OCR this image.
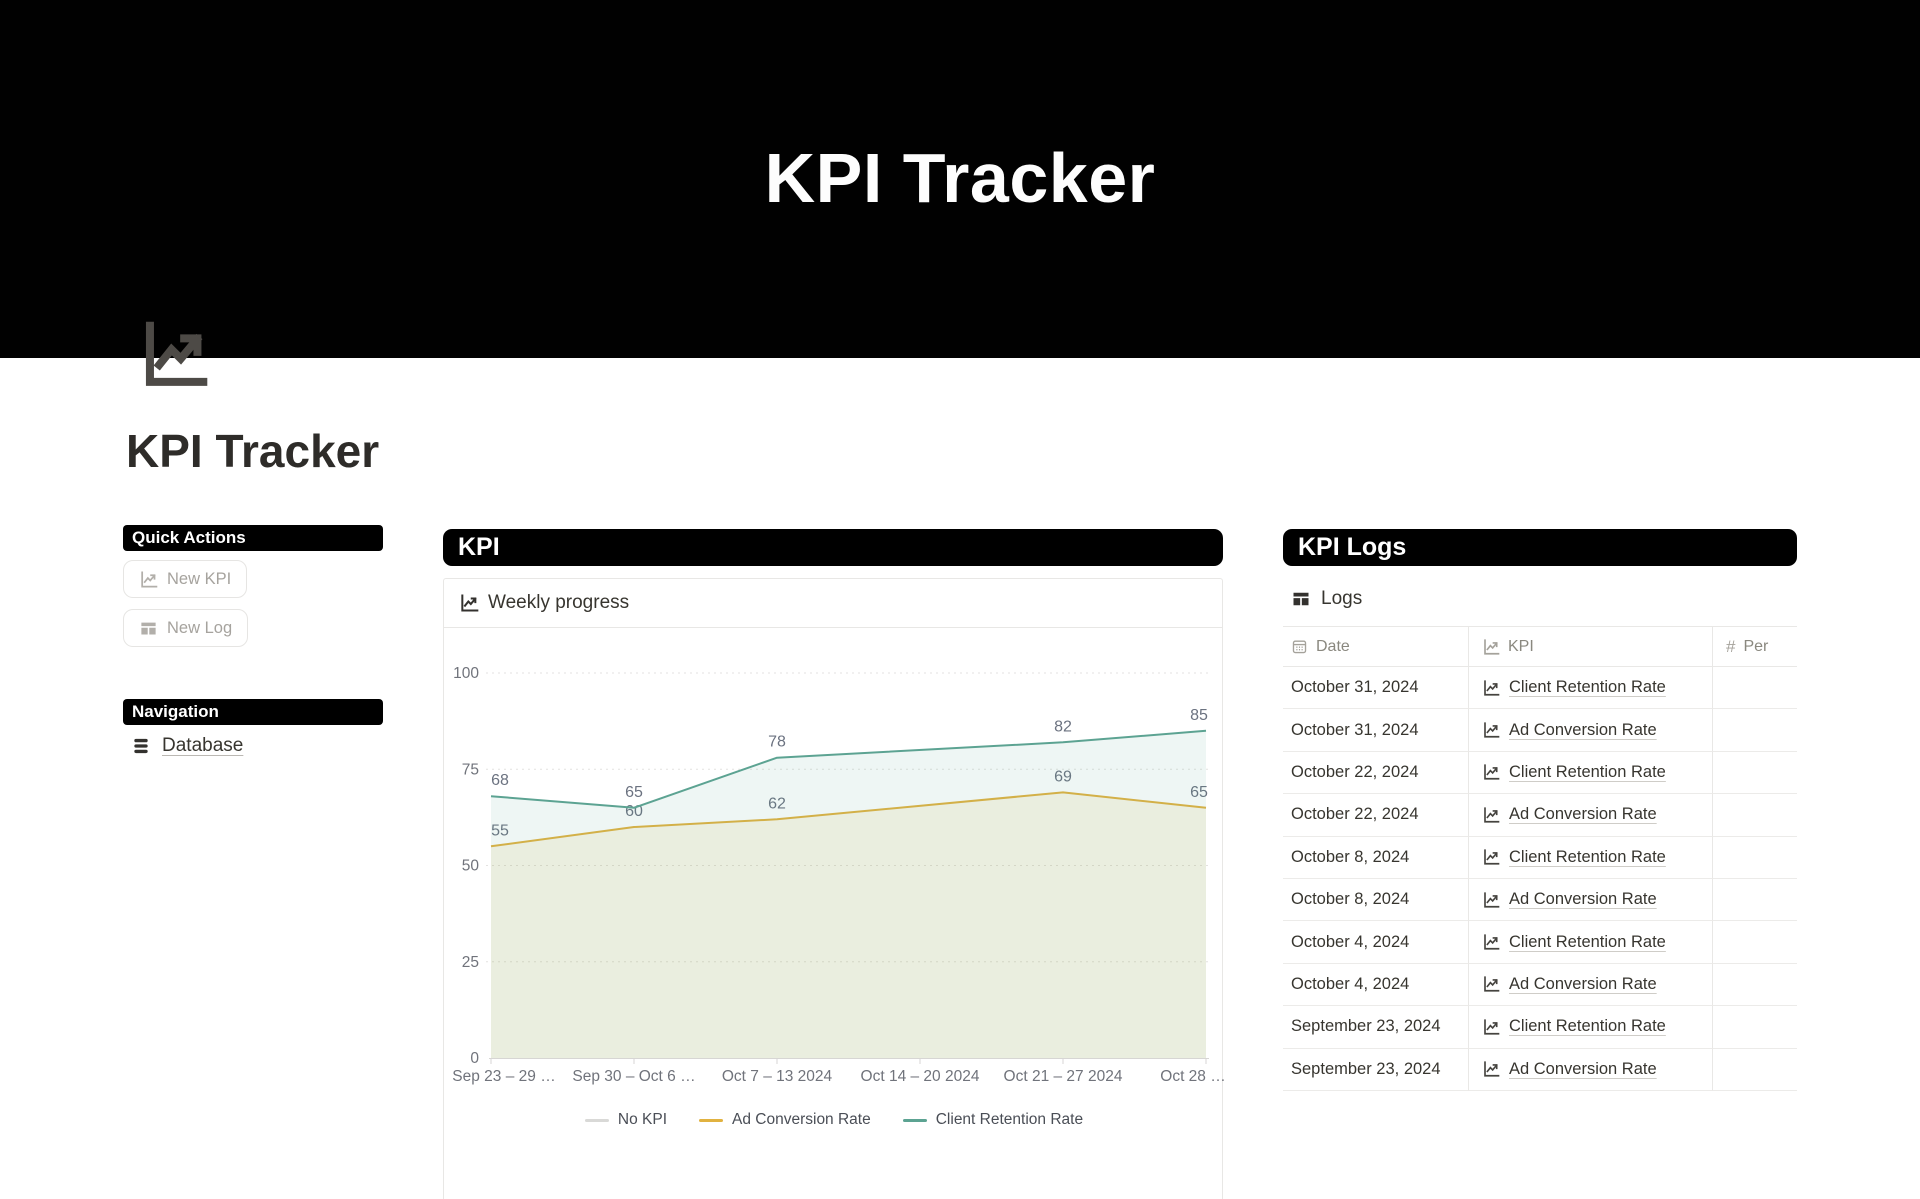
KPI Tracker
KPI Tracker
Quick Actions
New KPI
New Log
Navigation
Database
KPI
Weekly progress
0
25
50
75
100
Sep 23 – 29 … Sep 30 – Oct 6 … Oct 7 – 13 2024 Oct 14 – 20 2024 Oct 21 – 27 2024 Oct 28 …
55
60	62
69
65
68
65
78
82
85
No KPI	Ad Conversion Rate	Client Retention Rate
KPI Logs
Logs
Date	KPI	# Per
October 31, 2024	Client Retention Rate
October 31, 2024	Ad Conversion Rate
October 22, 2024	Client Retention Rate
October 22, 2024	Ad Conversion Rate
October 8, 2024	Client Retention Rate
October 8, 2024	Ad Conversion Rate
October 4, 2024	Client Retention Rate
October 4, 2024	Ad Conversion Rate
September 23, 2024	Client Retention Rate
September 23, 2024	Ad Conversion Rate
